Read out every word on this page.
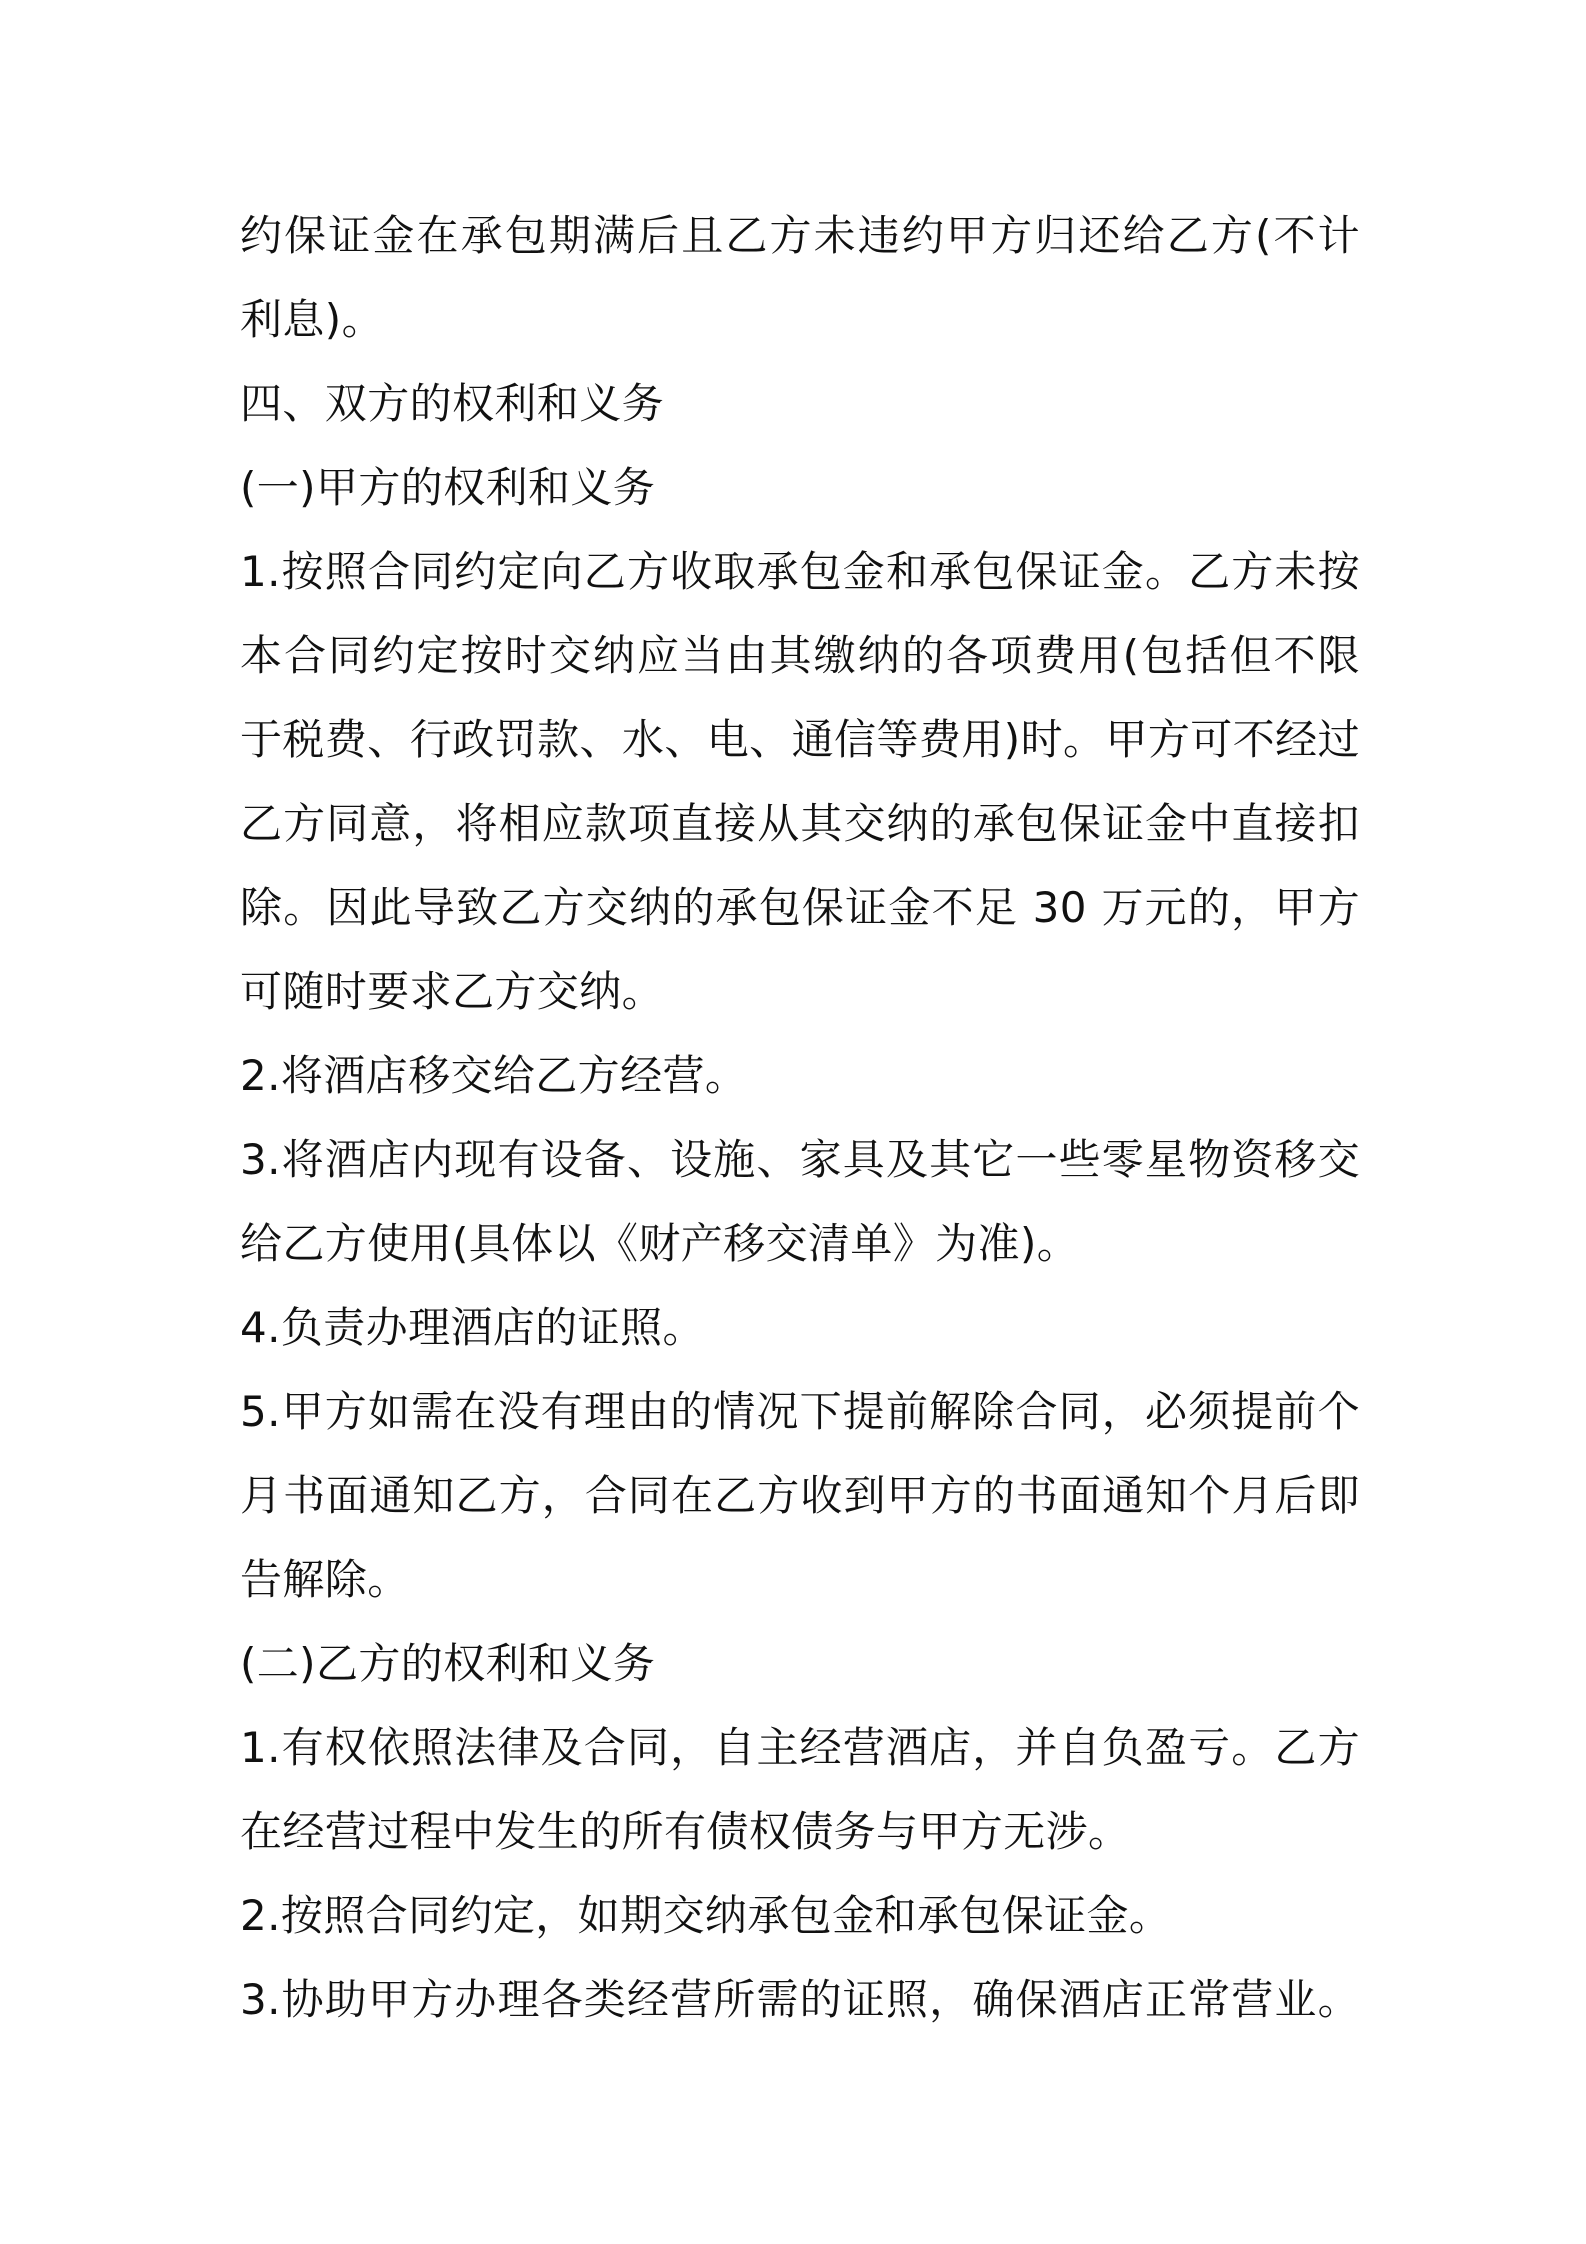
约保证金在承包期满后且乙方未违约甲方归还给乙方(不计
利息)。
四、双方的权利和义务
(一)甲方的权利和义务
1.按照合同约定向乙方收取承包金和承包保证金。乙方未按
本合同约定按时交纳应当由其缴纳的各项费用(包括但不限
于税费、行政罚款、水、电、通信等费用)时。甲方可不经过
乙方同意，将相应款项直接从其交纳的承包保证金中直接扣
除。因此导致乙方交纳的承包保证金不足 30 万元的，甲方
可随时要求乙方交纳。
2.将酒店移交给乙方经营。
3.将酒店内现有设备、设施、家具及其它一些零星物资移交
给乙方使用(具体以《财产移交清单》为准)。
4.负责办理酒店的证照。
5.甲方如需在没有理由的情况下提前解除合同，必须提前个
月书面通知乙方，合同在乙方收到甲方的书面通知个月后即
告解除。
(二)乙方的权利和义务
1.有权依照法律及合同，自主经营酒店，并自负盈亏。乙方
在经营过程中发生的所有债权债务与甲方无涉。
2.按照合同约定，如期交纳承包金和承包保证金。
3.协助甲方办理各类经营所需的证照，确保酒店正常营业。
